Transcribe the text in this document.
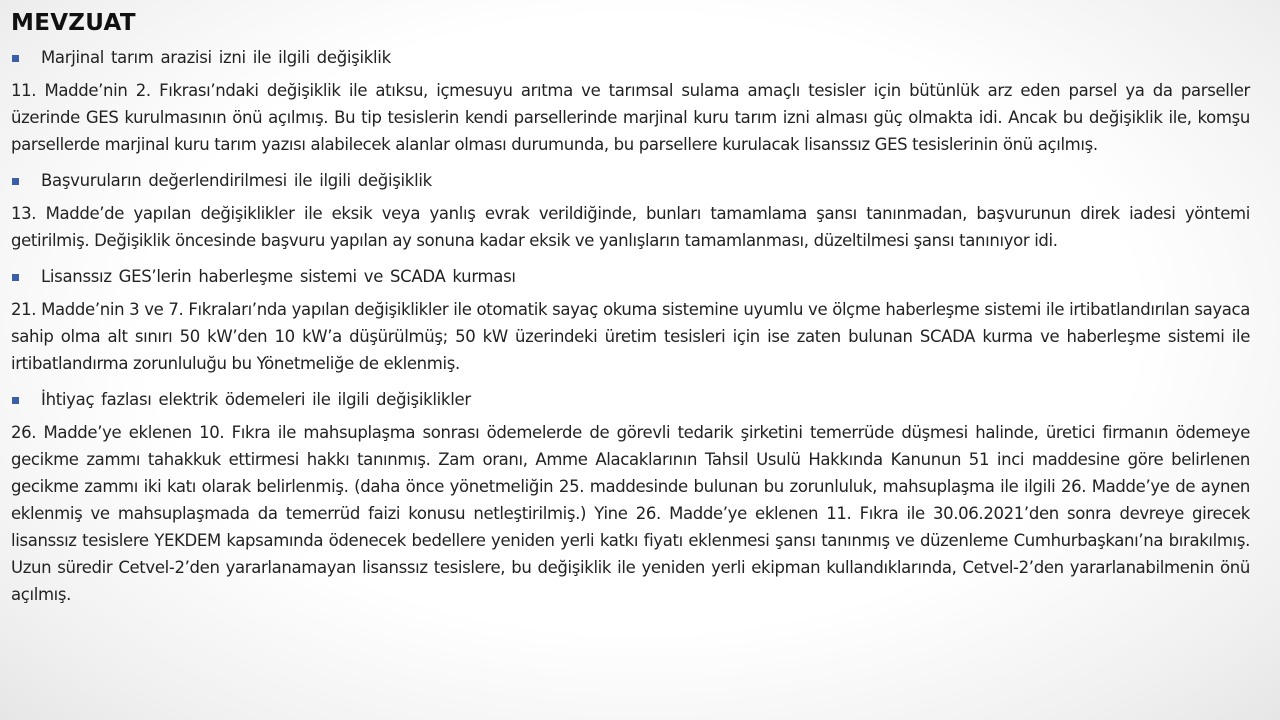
MEVZUAT
Marjinal tarım arazisi izni ile ilgili değişiklik

11. Madde’nin 2. Fıkrası’ndaki değişiklik ile atıksu, içmesuyu arıtma ve tarımsal sulama amaçlı tesisler için bütünlük arz eden parsel ya da parseller üzerinde GES kurulmasının önü açılmış. Bu tip tesislerin kendi parsellerinde marjinal kuru tarım izni alması güç olmakta idi. Ancak bu değişiklik ile, komşu parsellerde marjinal kuru tarım yazısı alabilecek alanlar olması durumunda, bu parsellere kurulacak lisanssız GES tesislerinin önü açılmış.

Başvuruların değerlendirilmesi ile ilgili değişiklik

13. Madde’de yapılan değişiklikler ile eksik veya yanlış evrak verildiğinde, bunları tamamlama şansı tanınmadan, başvurunun direk iadesi yöntemi getirilmiş. Değişiklik öncesinde başvuru yapılan ay sonuna kadar eksik ve yanlışların tamamlanması, düzeltilmesi şansı tanınıyor idi.

Lisanssız GES’lerin haberleşme sistemi ve SCADA kurması

21. Madde’nin 3 ve 7. Fıkraları’nda yapılan değişiklikler ile otomatik sayaç okuma sistemine uyumlu ve ölçme haberleşme sistemi ile irtibatlandırılan sayaca sahip olma alt sınırı 50 kW’den 10 kW’a düşürülmüş; 50 kW üzerindeki üretim tesisleri için ise zaten bulunan SCADA kurma ve haberleşme sistemi ile irtibatlandırma zorunluluğu bu Yönetmeliğe de eklenmiş.

İhtiyaç fazlası elektrik ödemeleri ile ilgili değişiklikler

26. Madde’ye eklenen 10. Fıkra ile mahsuplaşma sonrası ödemelerde de görevli tedarik şirketini temerrüde düşmesi halinde, üretici firmanın ödemeye gecikme zammı tahakkuk ettirmesi hakkı tanınmış. Zam oranı, Amme Alacaklarının Tahsil Usulü Hakkında Kanunun 51 inci maddesine göre belirlenen gecikme zammı iki katı olarak belirlenmiş. (daha önce yönetmeliğin 25. maddesinde bulunan bu zorunluluk, mahsuplaşma ile ilgili 26. Madde’ye de aynen eklenmiş ve mahsuplaşmada da temerrüd faizi konusu netleştirilmiş.) Yine 26. Madde’ye eklenen 11. Fıkra ile 30.06.2021’den sonra devreye girecek lisanssız tesislere YEKDEM kapsamında ödenecek bedellere yeniden yerli katkı fiyatı eklenmesi şansı tanınmış ve düzenleme Cumhurbaşkanı’na bırakılmış. Uzun süredir Cetvel-2’den yararlanamayan lisanssız tesislere, bu değişiklik ile yeniden yerli ekipman kullandıklarında, Cetvel-2’den yararlanabilmenin önü açılmış.
